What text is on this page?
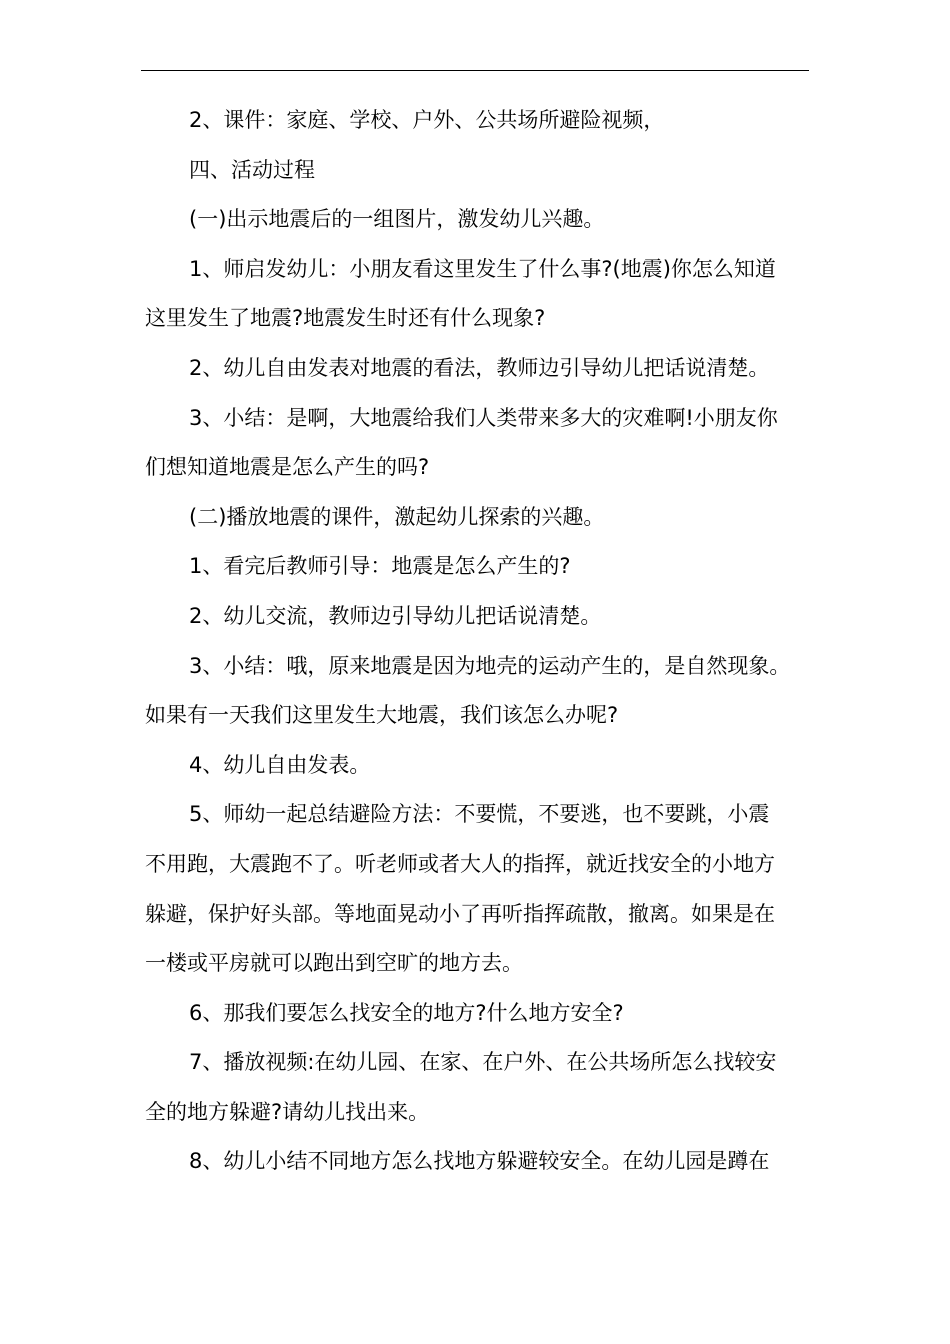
2、课件：家庭、学校、户外、公共场所避险视频，
四、活动过程
(一)出示地震后的一组图片，激发幼儿兴趣。
1、师启发幼儿：小朋友看这里发生了什么事?(地震)你怎么知道
这里发生了地震?地震发生时还有什么现象?
2、幼儿自由发表对地震的看法，教师边引导幼儿把话说清楚。
3、小结：是啊，大地震给我们人类带来多大的灾难啊!小朋友你
们想知道地震是怎么产生的吗?
(二)播放地震的课件，激起幼儿探索的兴趣。
1、看完后教师引导：地震是怎么产生的?
2、幼儿交流，教师边引导幼儿把话说清楚。
3、小结：哦，原来地震是因为地壳的运动产生的，是自然现象。
如果有一天我们这里发生大地震，我们该怎么办呢?
4、幼儿自由发表。
5、师幼一起总结避险方法：不要慌，不要逃，也不要跳，小震
不用跑，大震跑不了。听老师或者大人的指挥，就近找安全的小地方
躲避，保护好头部。等地面晃动小了再听指挥疏散，撤离。如果是在
一楼或平房就可以跑出到空旷的地方去。
6、那我们要怎么找安全的地方?什么地方安全?
7、播放视频:在幼儿园、在家、在户外、在公共场所怎么找较安
全的地方躲避?请幼儿找出来。
8、幼儿小结不同地方怎么找地方躲避较安全。在幼儿园是蹲在
